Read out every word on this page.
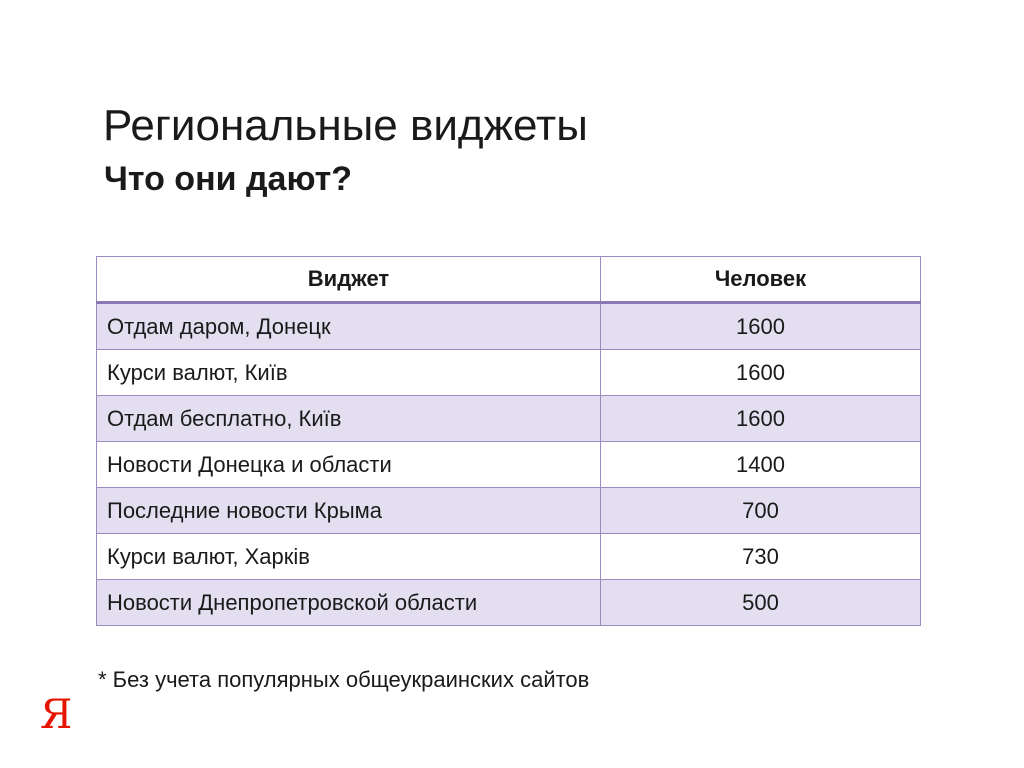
Региональные виджеты
Что они дают?
Виджет	Человек
Отдам даром, Донецк	1600
Курси валют, Київ	1600
Отдам бесплатно, Київ	1600
Новости Донецка и области	1400
Последние новости Крыма	700
Курси валют, Харків	730
Новости Днепропетровской области	500
* Без учета популярных общеукраинских сайтов
Я
